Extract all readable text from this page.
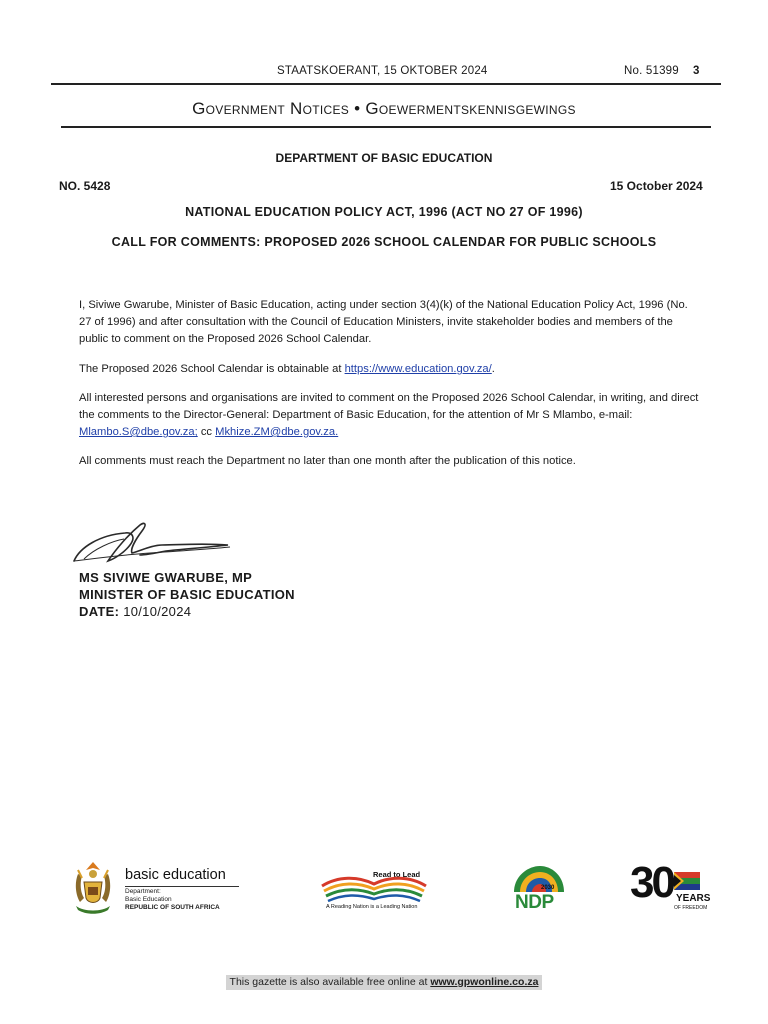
STAATSKOERANT, 15 OKTOBER 2024	No. 51399 3
Government Notices • Goewermentskennisgewings
DEPARTMENT OF BASIC EDUCATION
NO. 5428	15 October 2024
NATIONAL EDUCATION POLICY ACT, 1996 (ACT NO 27 OF 1996)
CALL FOR COMMENTS: PROPOSED 2026 SCHOOL CALENDAR FOR PUBLIC SCHOOLS
I, Siviwe Gwarube, Minister of Basic Education, acting under section 3(4)(k) of the National Education Policy Act, 1996 (No. 27 of 1996) and after consultation with the Council of Education Ministers, invite stakeholder bodies and members of the public to comment on the Proposed 2026 School Calendar.
The Proposed 2026 School Calendar is obtainable at https://www.education.gov.za/.
All interested persons and organisations are invited to comment on the Proposed 2026 School Calendar, in writing, and direct the comments to the Director-General: Department of Basic Education, for the attention of Mr S Mlambo, e-mail:
Mlambo.S@dbe.gov.za; cc Mkhize.ZM@dbe.gov.za.
All comments must reach the Department no later than one month after the publication of this notice.
MS SIVIWE GWARUBE, MP
MINISTER OF BASIC EDUCATION
DATE: 10/10/2024
basic education
Department:
Basic Education
REPUBLIC OF SOUTH AFRICA
Read to Lead
A Reading Nation is a Leading Nation
2030
NDP 30 YEARS
OF FREEDOM
This gazette is also available free online at www.gpwonline.co.za
